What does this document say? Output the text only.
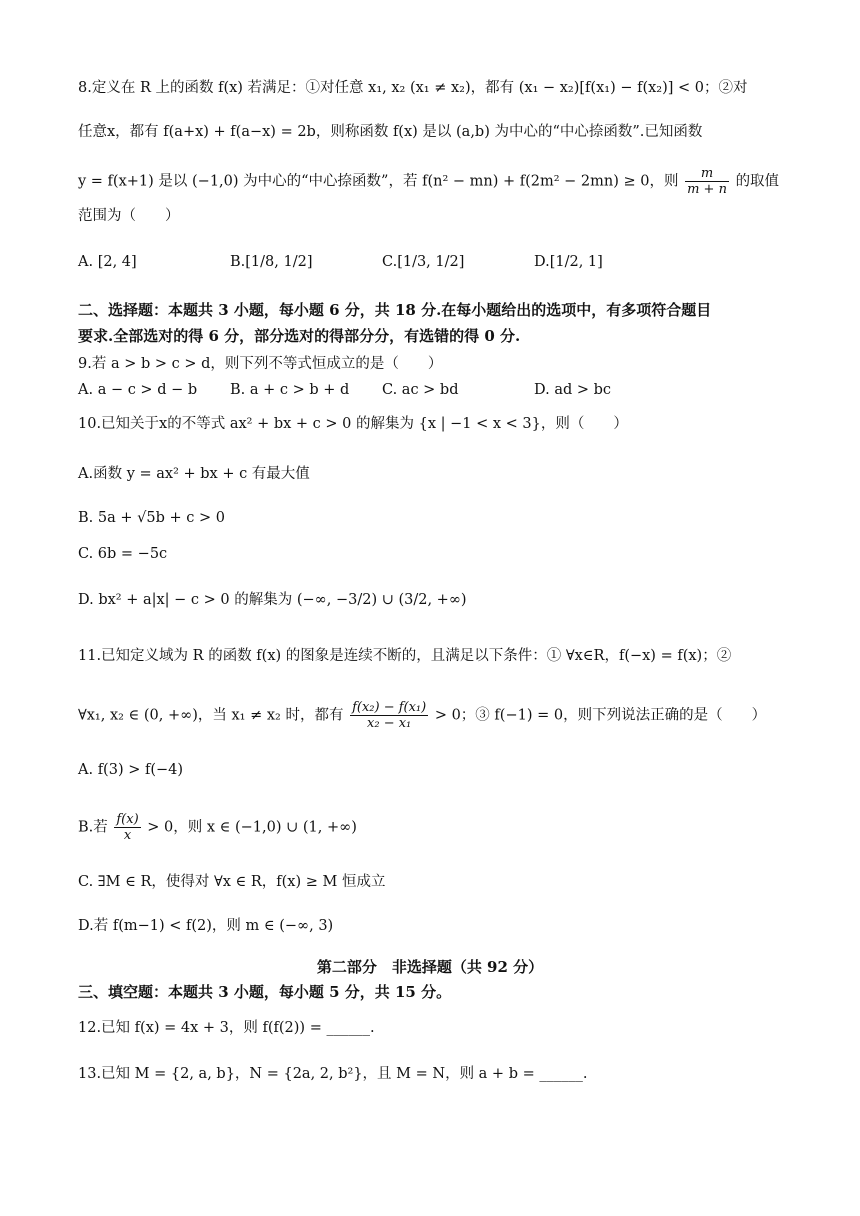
8.定义在 R 上的函数 f(x) 若满足：①对任意 x₁, x₂ (x₁ ≠ x₂)，都有 (x₁ − x₂)[f(x₁) − f(x₂)] < 0；②对
任意x，都有 f(a+x) + f(a−x) = 2b，则称函数 f(x) 是以 (a,b) 为中心的“中心捺函数”.已知函数
y = f(x+1) 是以 (−1,0) 为中心的“中心捺函数”，若 f(n² − mn) + f(2m² − 2mn) ≥ 0，则 $\frac{m}{m + n}$ 的取值
范围为（　　）
A. [2, 4]	B.[1/8, 1/2]	C.[1/3, 1/2]	D.[1/2, 1]
二、选择题：本题共 3 小题，每小题 6 分，共 18 分.在每小题给出的选项中，有多项符合题目
要求.全部选对的得 6 分，部分选对的得部分分，有选错的得 0 分.
9.若 a > b > c > d，则下列不等式恒成立的是（　　）
A. a − c > d − b B. a + c > b + d C. ac > bd	D. ad > bc
10.已知关于x的不等式 ax² + bx + c > 0 的解集为 {x | −1 < x < 3}，则（　　）
A.函数 y = ax² + bx + c 有最大值
B. 5a + √5b + c > 0
C. 6b = −5c
D. bx² + a|x| − c > 0 的解集为 (−∞, −3/2) ∪ (3/2, +∞)
11.已知定义域为 R 的函数 f(x) 的图象是连续不断的，且满足以下条件：① ∀x∈R，f(−x) = f(x)；②
∀x₁, x₂ ∈ (0, +∞)，当 x₁ ≠ x₂ 时，都有 $\frac{\text{f(x₂) − f(x₁)}}{\text{x₂ − x₁}} > 0$；③ f(−1) = 0，则下列说法正确的是（　　）
A. f(3) > f(−4)
B.若 $\frac{f(x)}{x} > 0$，则 x ∈ (−1,0) ∪ (1, +∞)
C. ∃M ∈ R，使得对 ∀x ∈ R，f(x) ≥ M 恒成立
D.若 f(m−1) < f(2)，则 m ∈ (−∞, 3)
第二部分　非选择题（共 92 分）
三、填空题：本题共 3 小题，每小题 5 分，共 15 分。
12.已知 f(x) = 4x + 3，则 f(f(2)) = ______.
13.已知 M = {2, a, b}，N = {2a, 2, b²}，且 M = N，则 a + b = ______.
